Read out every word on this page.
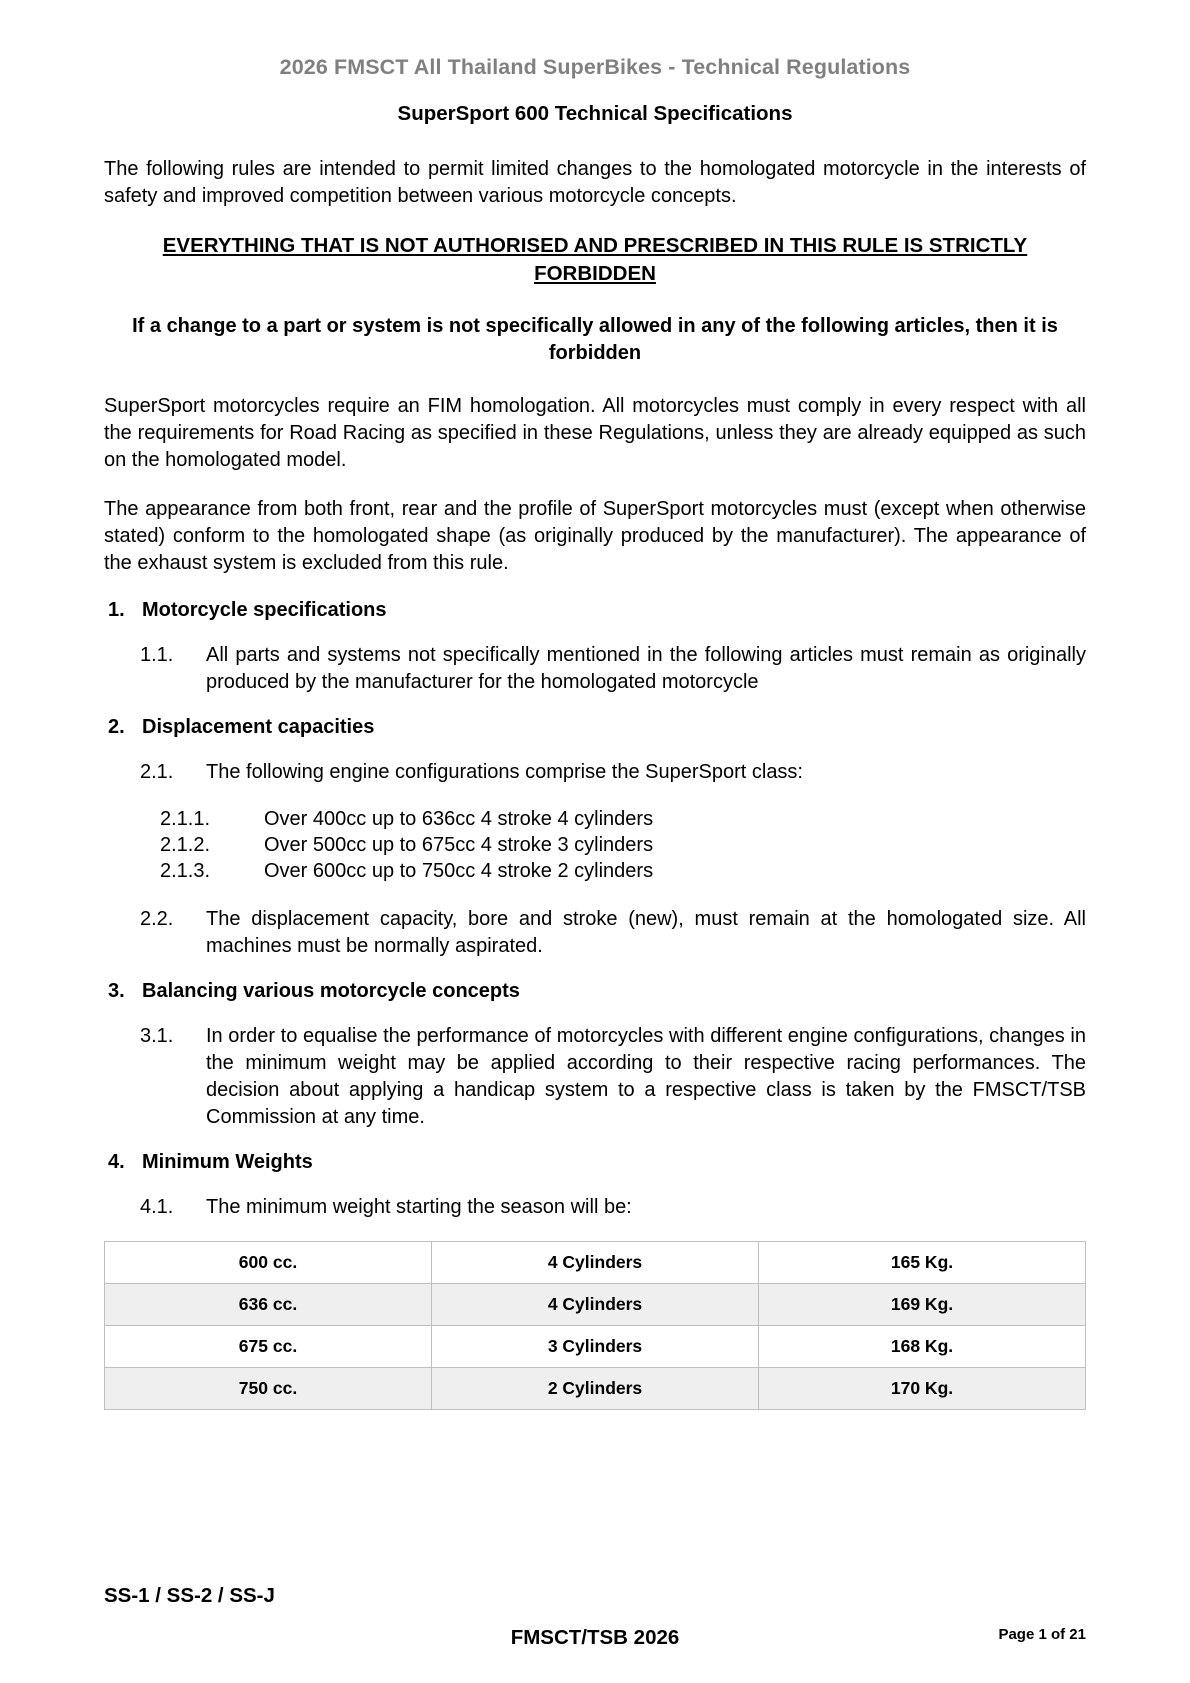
2026 FMSCT All Thailand SuperBikes - Technical Regulations
SuperSport 600 Technical Specifications

The following rules are intended to permit limited changes to the homologated motorcycle in the interests of safety and improved competition between various motorcycle concepts.

EVERYTHING THAT IS NOT AUTHORISED AND PRESCRIBED IN THIS RULE IS STRICTLY FORBIDDEN
If a change to a part or system is not specifically allowed in any of the following articles, then it is forbidden

SuperSport motorcycles require an FIM homologation. All motorcycles must comply in every respect with all the requirements for Road Racing as specified in these Regulations, unless they are already equipped as such on the homologated model.

The appearance from both front, rear and the profile of SuperSport motorcycles must (except when otherwise stated) conform to the homologated shape (as originally produced by the manufacturer). The appearance of the exhaust system is excluded from this rule.

1. Motorcycle specifications
1.1.	All parts and systems not specifically mentioned in the following articles must remain as originally produced by the manufacturer for the homologated motorcycle
2. Displacement capacities
2.1.	The following engine configurations comprise the SuperSport class:
2.1.1.	Over 400cc up to 636cc 4 stroke 4 cylinders
2.1.2.	Over 500cc up to 675cc 4 stroke 3 cylinders
2.1.3.	Over 600cc up to 750cc 4 stroke 2 cylinders
2.2.	The displacement capacity, bore and stroke (new), must remain at the homologated size. All machines must be normally aspirated.
3. Balancing various motorcycle concepts
3.1.	In order to equalise the performance of motorcycles with different engine configurations, changes in the minimum weight may be applied according to their respective racing performances. The decision about applying a handicap system to a respective class is taken by the FMSCT/TSB Commission at any time.
4. Minimum Weights
4.1.	The minimum weight starting the season will be:
600 cc.	4 Cylinders	165 Kg.
636 cc.	4 Cylinders	169 Kg.
675 cc.	3 Cylinders	168 Kg.
750 cc.	2 Cylinders	170 Kg.
SS-1 / SS-2 / SS-J
FMSCT/TSB 2026	Page 1 of 21
